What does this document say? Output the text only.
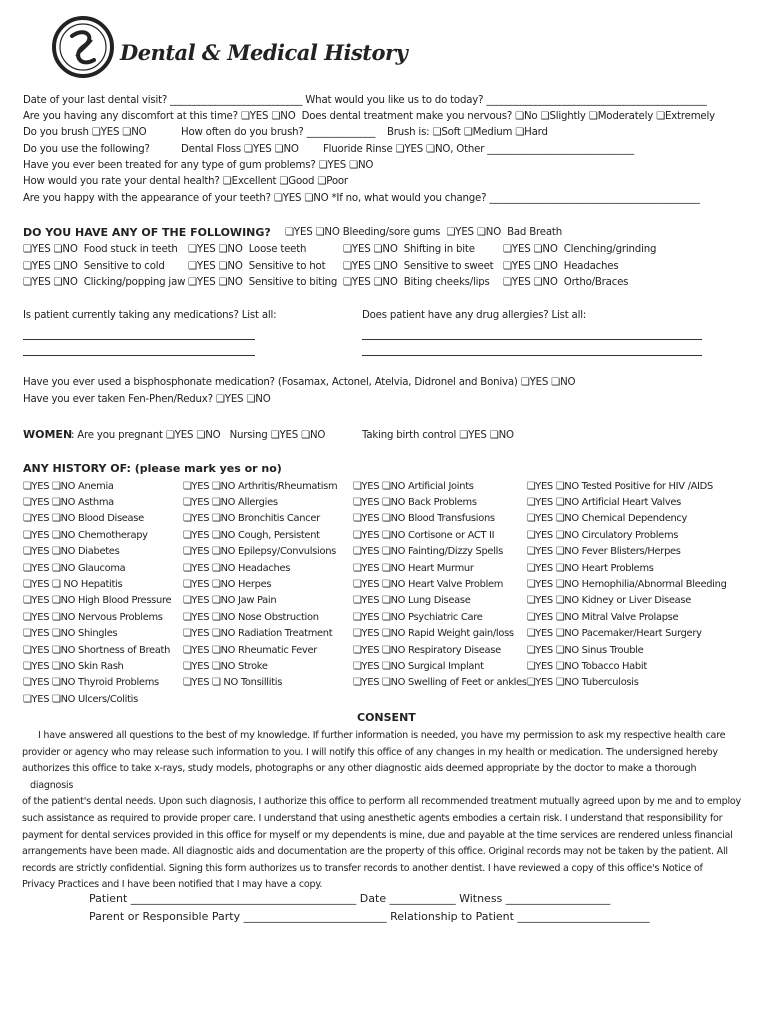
Dental & Medical History
Date of your last dental visit? ___________________________ What would you like us to do today? _____________________________________________
Are you having any discomfort at this time? ❏YES ❏NO  Does dental treatment make you nervous? ❏No ❏Slightly ❏Moderately ❏Extremely
Do you brush ❏YES ❏NO	How often do you brush? ______________ Brush is: ❏Soft ❏Medium ❏Hard
Do you use the following?	Dental Floss ❏YES ❏NO Fluoride Rinse ❏YES ❏NO, Other ______________________________
Have you ever been treated for any type of gum problems? ❏YES ❏NO
How would you rate your dental health? ❏Excellent ❏Good ❏Poor
Are you happy with the appearance of your teeth? ❏YES ❏NO *If no, what would you change? ___________________________________________
DO YOU HAVE ANY OF THE FOLLOWING? ❏YES ❏NO Bleeding/sore gums  ❏YES ❏NO  Bad Breath
❏YES ❏NO  Food stuck in teeth ❏YES ❏NO  Loose teeth	❏YES ❏NO  Shifting in bite	❏YES ❏NO  Clenching/grinding
❏YES ❏NO  Sensitive to cold ❏YES ❏NO  Sensitive to hot ❏YES ❏NO  Sensitive to sweet ❏YES ❏NO  Headaches
❏YES ❏NO  Clicking/popping jaw ❏YES ❏NO  Sensitive to biting ❏YES ❏NO  Biting cheeks/lips ❏YES ❏NO  Ortho/Braces
Is patient currently taking any medications? List all:	Does patient have any drug allergies? List all:
Have you ever used a bisphosphonate medication? (Fosamax, Actonel, Atelvia, Didronel and Boniva) ❏YES ❏NO
Have you ever taken Fen-Phen/Redux? ❏YES ❏NO
WOMEN
: Are you pregnant ❏YES ❏NO   Nursing ❏YES ❏NO	Taking birth control ❏YES ❏NO
ANY HISTORY OF: (please mark yes or no)
❏YES ❏NO Anemia	❏YES ❏NO Arthritis/Rheumatism	❏YES ❏NO Artificial Joints	❏YES ❏NO Tested Positive for HIV /AIDS
❏YES ❏NO Asthma	❏YES ❏NO Allergies	❏YES ❏NO Back Problems	❏YES ❏NO Artificial Heart Valves
❏YES ❏NO Blood Disease	❏YES ❏NO Bronchitis Cancer	❏YES ❏NO Blood Transfusions	❏YES ❏NO Chemical Dependency
❏YES ❏NO Chemotherapy	❏YES ❏NO Cough, Persistent	❏YES ❏NO Cortisone or ACT II	❏YES ❏NO Circulatory Problems
❏YES ❏NO Diabetes	❏YES ❏NO Epilepsy/Convulsions	❏YES ❏NO Fainting/Dizzy Spells	❏YES ❏NO Fever Blisters/Herpes
❏YES ❏NO Glaucoma	❏YES ❏NO Headaches	❏YES ❏NO Heart Murmur	❏YES ❏NO Heart Problems
❏YES ❏ NO Hepatitis	❏YES ❏NO Herpes	❏YES ❏NO Heart Valve Problem	❏YES ❏NO Hemophilia/Abnormal Bleeding
❏YES ❏NO High Blood Pressure	❏YES ❏NO Jaw Pain	❏YES ❏NO Lung Disease	❏YES ❏NO Kidney or Liver Disease
❏YES ❏NO Nervous Problems	❏YES ❏NO Nose Obstruction	❏YES ❏NO Psychiatric Care	❏YES ❏NO Mitral Valve Prolapse
❏YES ❏NO Shingles	❏YES ❏NO Radiation Treatment	❏YES ❏NO Rapid Weight gain/loss	❏YES ❏NO Pacemaker/Heart Surgery
❏YES ❏NO Shortness of Breath	❏YES ❏NO Rheumatic Fever	❏YES ❏NO Respiratory Disease	❏YES ❏NO Sinus Trouble
❏YES ❏NO Skin Rash	❏YES ❏NO Stroke	❏YES ❏NO Surgical Implant	❏YES ❏NO Tobacco Habit
❏YES ❏NO Thyroid Problems	❏YES ❏ NO Tonsillitis	❏YES ❏NO Swelling of Feet or ankles	❏YES ❏NO Tuberculosis
❏YES ❏NO Ulcers/Colitis			
CONSENT
I have answered all questions to the best of my knowledge. If further information is needed, you have my permission to ask my respective health care
provider or agency who may release such information to you. I will notify this office of any changes in my health or medication. The undersigned hereby
authorizes this office to take x-rays, study models, photographs or any other diagnostic aids deemed appropriate by the doctor to make a thorough diagnosis
of the patient's dental needs. Upon such diagnosis, I authorize this office to perform all recommended treatment mutually agreed upon by me and to employ
such assistance as required to provide proper care. I understand that using anesthetic agents embodies a certain risk. I understand that responsibility for
payment for dental services provided in this office for myself or my dependents is mine, due and payable at the time services are rendered unless financial
arrangements have been made. All diagnostic aids and documentation are the property of this office. Original records may not be taken by the patient. All
records are strictly confidential. Signing this form authorizes us to transfer records to another dentist. I have reviewed a copy of this office's Notice of
Privacy Practices and I have been notified that I may have a copy.
Patient _________________________________________ Date ____________ Witness ___________________
Parent or Responsible Party __________________________ Relationship to Patient ________________________
